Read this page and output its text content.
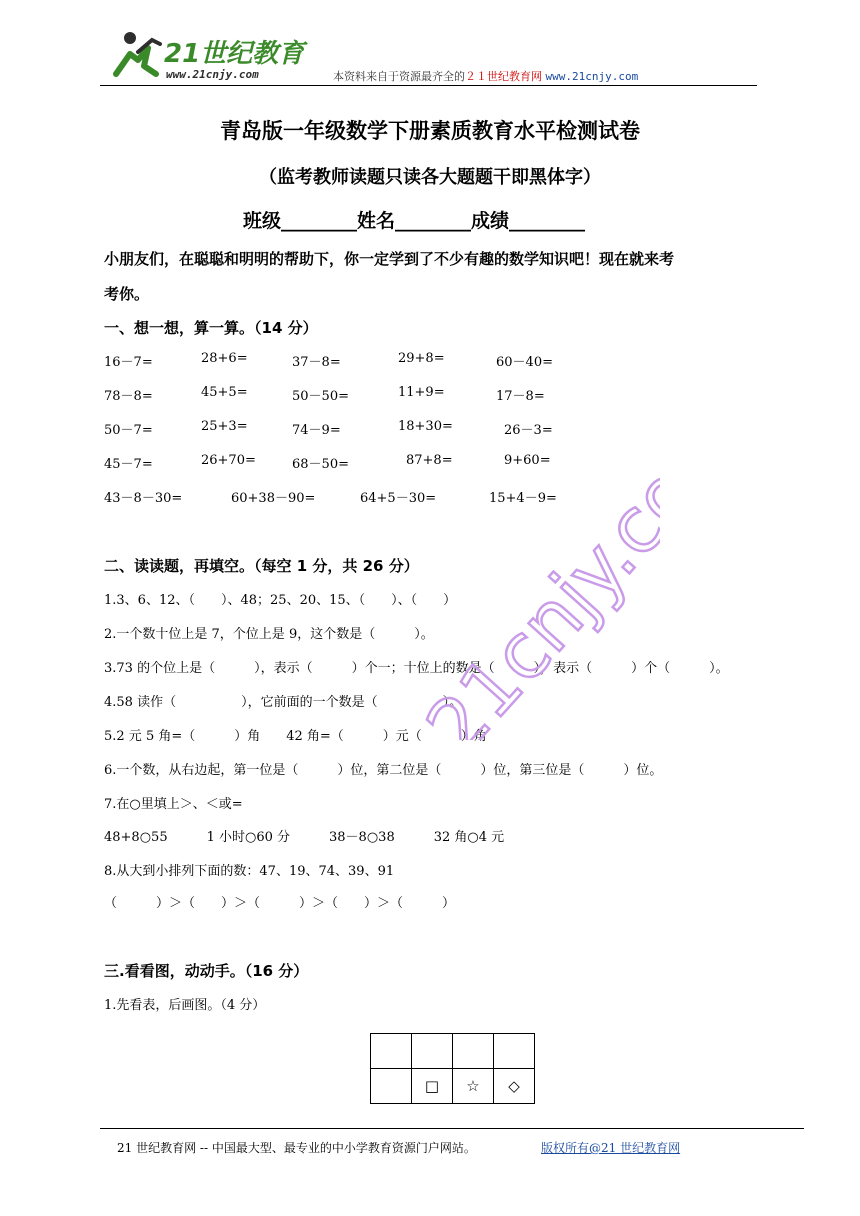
21世纪教育
www.21cnjy.com	本资料来自于资源最齐全的２１世纪教育网 www.21cnjy.com
青岛版一年级数学下册素质教育水平检测试卷
（监考教师读题只读各大题题干即黑体字）
班级________姓名________成绩________
小朋友们，在聪聪和明明的帮助下，你一定学到了不少有趣的数学知识吧！现在就来考
考你。
一、想一想，算一算。（14 分）
16－7=	28+6=	37－8=	29+8=	60－40=
78－8=	45+5=	50－50=	11+9=	17－8=
50－7=	25+3=	74－9=	18+30=	26－3=
45－7=	26+70=	68－50=	87+8=	9+60=
43－8－30=	60+38－90=	64+5－30=	15+4－9=
二、读读题，再填空。（每空 1 分，共 26 分）
1.3、6、12、（　　）、48；25、20、15、（　　）、（　　）
2.一个数十位上是 7，个位上是 9，这个数是（　　　）。
3.73 的个位上是（　　　），表示（　　　）个一；十位上的数是（　　　），表示（　　　）个（　　　）。
4.58 读作（　　　　　），它前面的一个数是（　　　　　）。
5.2 元 5 角=（　　　）角　　42 角=（　　　）元（　　　）角
6.一个数，从右边起，第一位是（　　　）位，第二位是（　　　）位，第三位是（　　　）位。
7.在○里填上＞、＜或=
48+8○55　　　1 小时○60 分　　　38－8○38　　　32 角○4 元
8.从大到小排列下面的数：47、19、74、39、91
（　　　）＞（　　）＞（　　　）＞（　　）＞（　　　）
三.看看图，动动手。（16 分）
1.先看表，后画图。（4 分）

	□	☆	◇
21cnjy.com
21 世纪教育网 -- 中国最大型、最专业的中小学教育资源门户网站。	版权所有@21 世纪教育网
